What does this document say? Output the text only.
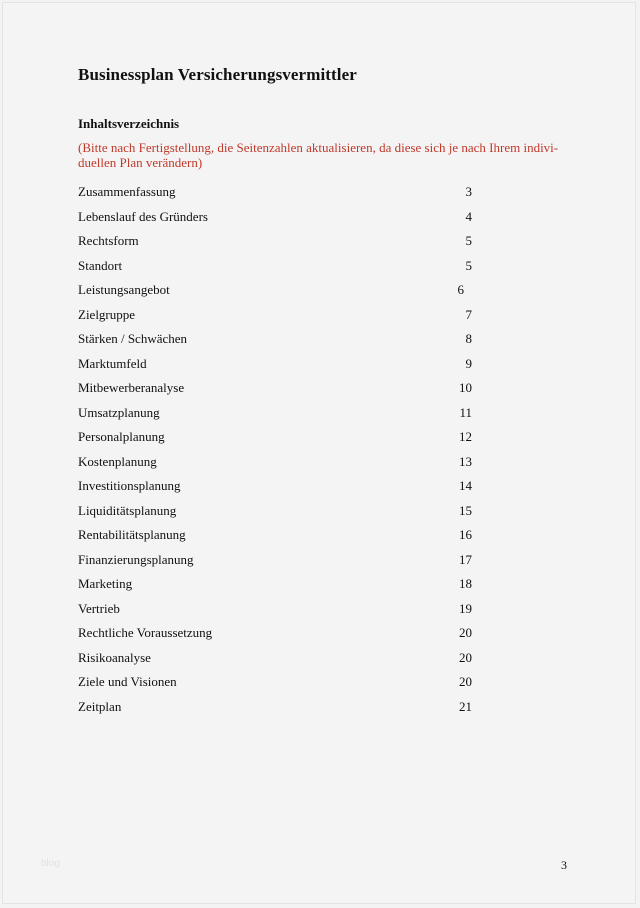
Businessplan Versicherungsvermittler
Inhaltsverzeichnis

(Bitte nach Fertigstellung, die Seitenzahlen aktualisieren, da diese sich je nach Ihrem indivi-duellen Plan verändern)

Zusammenfassung	3
Lebenslauf des Gründers	4
Rechtsform	5
Standort	5
Leistungsangebot	6
Zielgruppe	7
Stärken / Schwächen	8
Marktumfeld	9
Mitbewerberanalyse	10
Umsatzplanung	11
Personalplanung	12
Kostenplanung	13
Investitionsplanung	14
Liquiditätsplanung	15
Rentabilitätsplanung	16
Finanzierungsplanung	17
Marketing	18
Vertrieb	19
Rechtliche Voraussetzung	20
Risikoanalyse	20
Ziele und Visionen	20
Zeitplan	21
blog	3
